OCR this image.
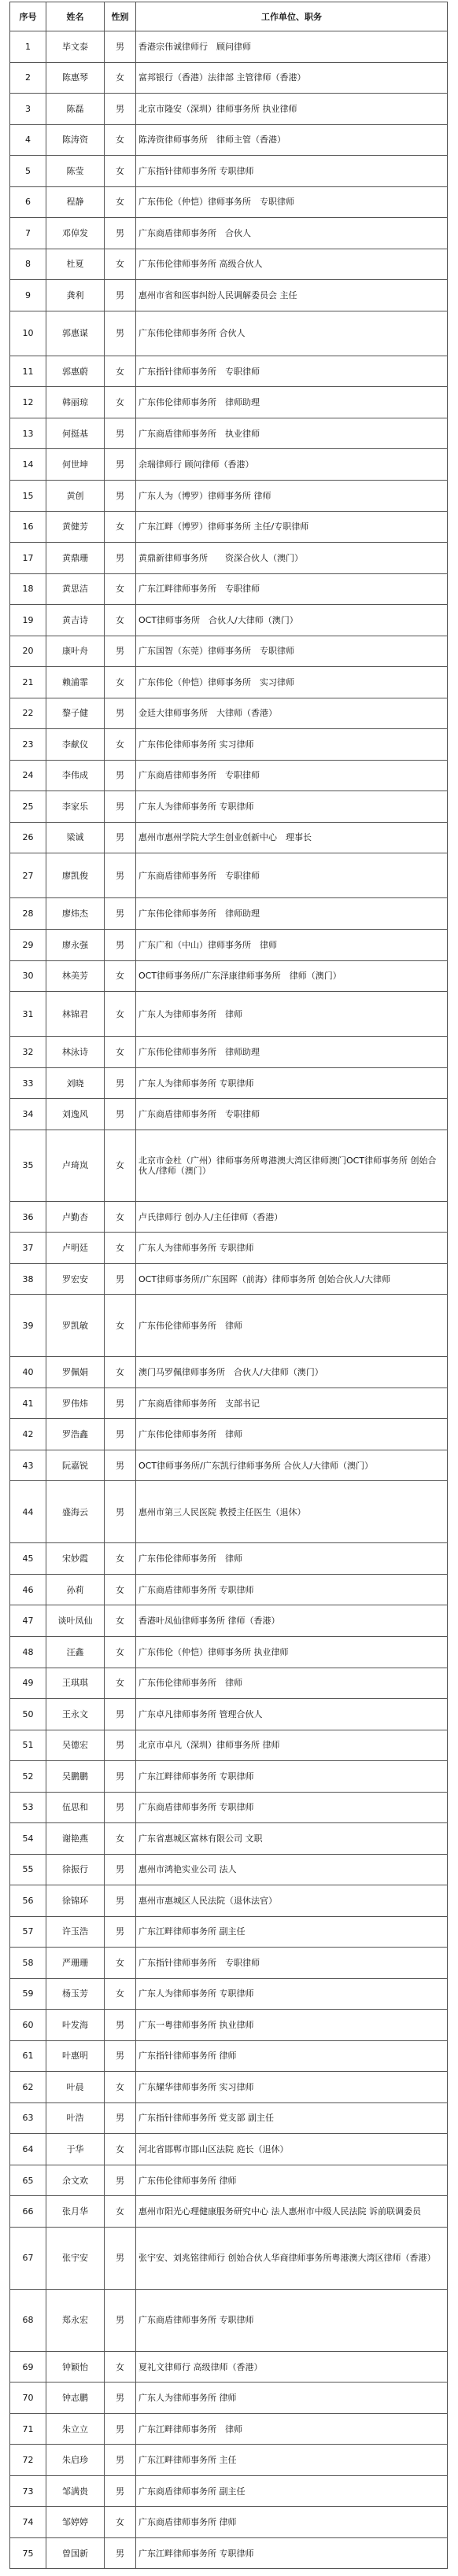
序号	姓名	性别	工作单位、职务
1	毕文泰	男	香港宗伟诚律师行　顾问律师
2	陈惠琴	女	富邦银行（香港）法律部 主管律师（香港）
3	陈磊	男	北京市隆安（深圳）律师事务所 执业律师
4	陈涛资	女	陈涛资律师事务所　律师主管（香港）
5	陈莹	女	广东指针律师事务所 专职律师
6	程静	女	广东伟伦（仲恺）律师事务所　专职律师
7	邓倬发	男	广东商盾律师事务所　合伙人
8	杜夏	女	广东伟伦律师事务所 高级合伙人
9	龚利	男	惠州市省和医事纠纷人民调解委员会 主任
10	郭惠谋	男	广东伟伦律师事务所 合伙人
11	郭惠蔚	女	广东指针律师事务所　专职律师
12	韩丽琼	女	广东伟伦律师事务所　律师助理
13	何挺基	男	广东商盾律师事务所　执业律师
14	何世坤	男	余瑞律师行 顾问律师（香港）
15	黄创	男	广东人为（博罗）律师事务所 律师
16	黄健芳	女	广东江畔（博罗）律师事务所 主任/专职律师
17	黄鼎珊	男	黄鼎新律师事务所　　资深合伙人（澳门）
18	黄思洁	女	广东江畔律师事务所　专职律师
19	黄吉诗	女	OCT律师事务所　合伙人/大律师（澳门）
20	康叶舟	男	广东国智（东莞）律师事务所　专职律师
21	赖浦霏	女	广东伟伦（仲恺）律师事务所　实习律师
22	黎子健	男	金廷大律师事务所　大律师（香港）
23	李献仪	女	广东伟伦律师事务所 实习律师
24	李伟成	男	广东商盾律师事务所　专职律师
25	李家乐	男	广东人为律师事务所 专职律师
26	梁诚	男	惠州市惠州学院大学生创业创新中心　理事长
27	廖凯俊	男	广东商盾律师事务所　专职律师
28	廖炜杰	男	广东伟伦律师事务所　律师助理
29	廖永强	男	广东广和（中山）律师事务所　律师
30	林美芳	女	OCT律师事务所/广东泽康律师事务所　律师（澳门）
31	林锦君	女	广东人为律师事务所　律师
32	林泳诗	女	广东伟伦律师事务所　律师助理
33	刘晓	男	广东人为律师事务所 专职律师
34	刘逸风	男	广东商盾律师事务所　专职律师
35	卢琦岚	女	北京市金杜（广州）律师事务所粤港澳大湾区律师澳门OCT律师事务所 创始合伙人/律师（澳门）
36	卢勤杏	女	卢氏律师行 创办人/主任律师（香港）
37	卢明廷	女	广东人为律师事务所 专职律师
38	罗宏安	男	OCT律师事务所/广东国晖（前海）律师事务所 创始合伙人/大律师
39	罗凯敏	女	广东伟伦律师事务所　律师
40	罗佩娟	女	澳门马罗佩律师事务所　合伙人/大律师（澳门）
41	罗伟炜	男	广东商盾律师事务所　支部书记
42	罗浩鑫	男	广东伟伦律师事务所　律师
43	阮嘉锐	男	OCT律师事务所/广东凯行律师事务所 合伙人/大律师（澳门）
44	盛海云	男	惠州市第三人民医院 教授主任医生（退休）
45	宋妙霞	女	广东伟伦律师事务所　律师
46	孙莉	女	广东商盾律师事务所 专职律师
47	谈叶凤仙	女	香港叶凤仙律师事务所 律师（香港）
48	汪鑫	女	广东伟伦（仲恺）律师事务所 执业律师
49	王琪琪	女	广东伟伦律师事务所　律师
50	王永文	男	广东卓凡律师事务所 管理合伙人
51	吴德宏	男	北京市卓凡（深圳）律师事务所 律师
52	吴鹏鹏	男	广东江畔律师事务所 专职律师
53	伍思和	男	广东商盾律师事务所 专职律师
54	谢艳燕	女	广东省惠城区富林有限公司 文职
55	徐振行	男	惠州市鸿艳实业公司 法人
56	徐锦环	男	惠州市惠城区人民法院（退休法官）
57	许玉浩	男	广东江畔律师事务所 副主任
58	严珊珊	女	广东指针律师事务所　专职律师
59	杨玉芳	女	广东人为律师事务所 专职律师
60	叶发海	男	广东一粤律师事务所 执业律师
61	叶惠明	男	广东指针律师事务所 律师
62	叶晨	女	广东耀华律师事务所 实习律师
63	叶浩	男	广东指针律师事务所 党支部 副主任
64	于华	女	河北省邯郸市邯山区法院 庭长（退休）
65	余文欢	男	广东伟伦律师事务所 律师
66	张月华	女	惠州市阳光心理健康服务研究中心 法人惠州市中级人民法院 诉前联调委员
67	张宇安	男	张宇安、刘兆铭律师行 创始合伙人华商律师事务所粤港澳大湾区律师（香港）
68	郑永宏	男	广东商盾律师事务所 专职律师
69	钟颖怡	女	夏礼文律师行 高级律师（香港）
70	钟志鹏	男	广东人为律师事务所 律师
71	朱立立	男	广东江畔律师事务所　律师
72	朱启珍	男	广东江畔律师事务所 主任
73	邹满贵	男	广东商盾律师事务所 副主任
74	邹婷婷	女	广东商盾律师事务所 律师
75	曾国新	男	广东江畔律师事务所 专职律师
